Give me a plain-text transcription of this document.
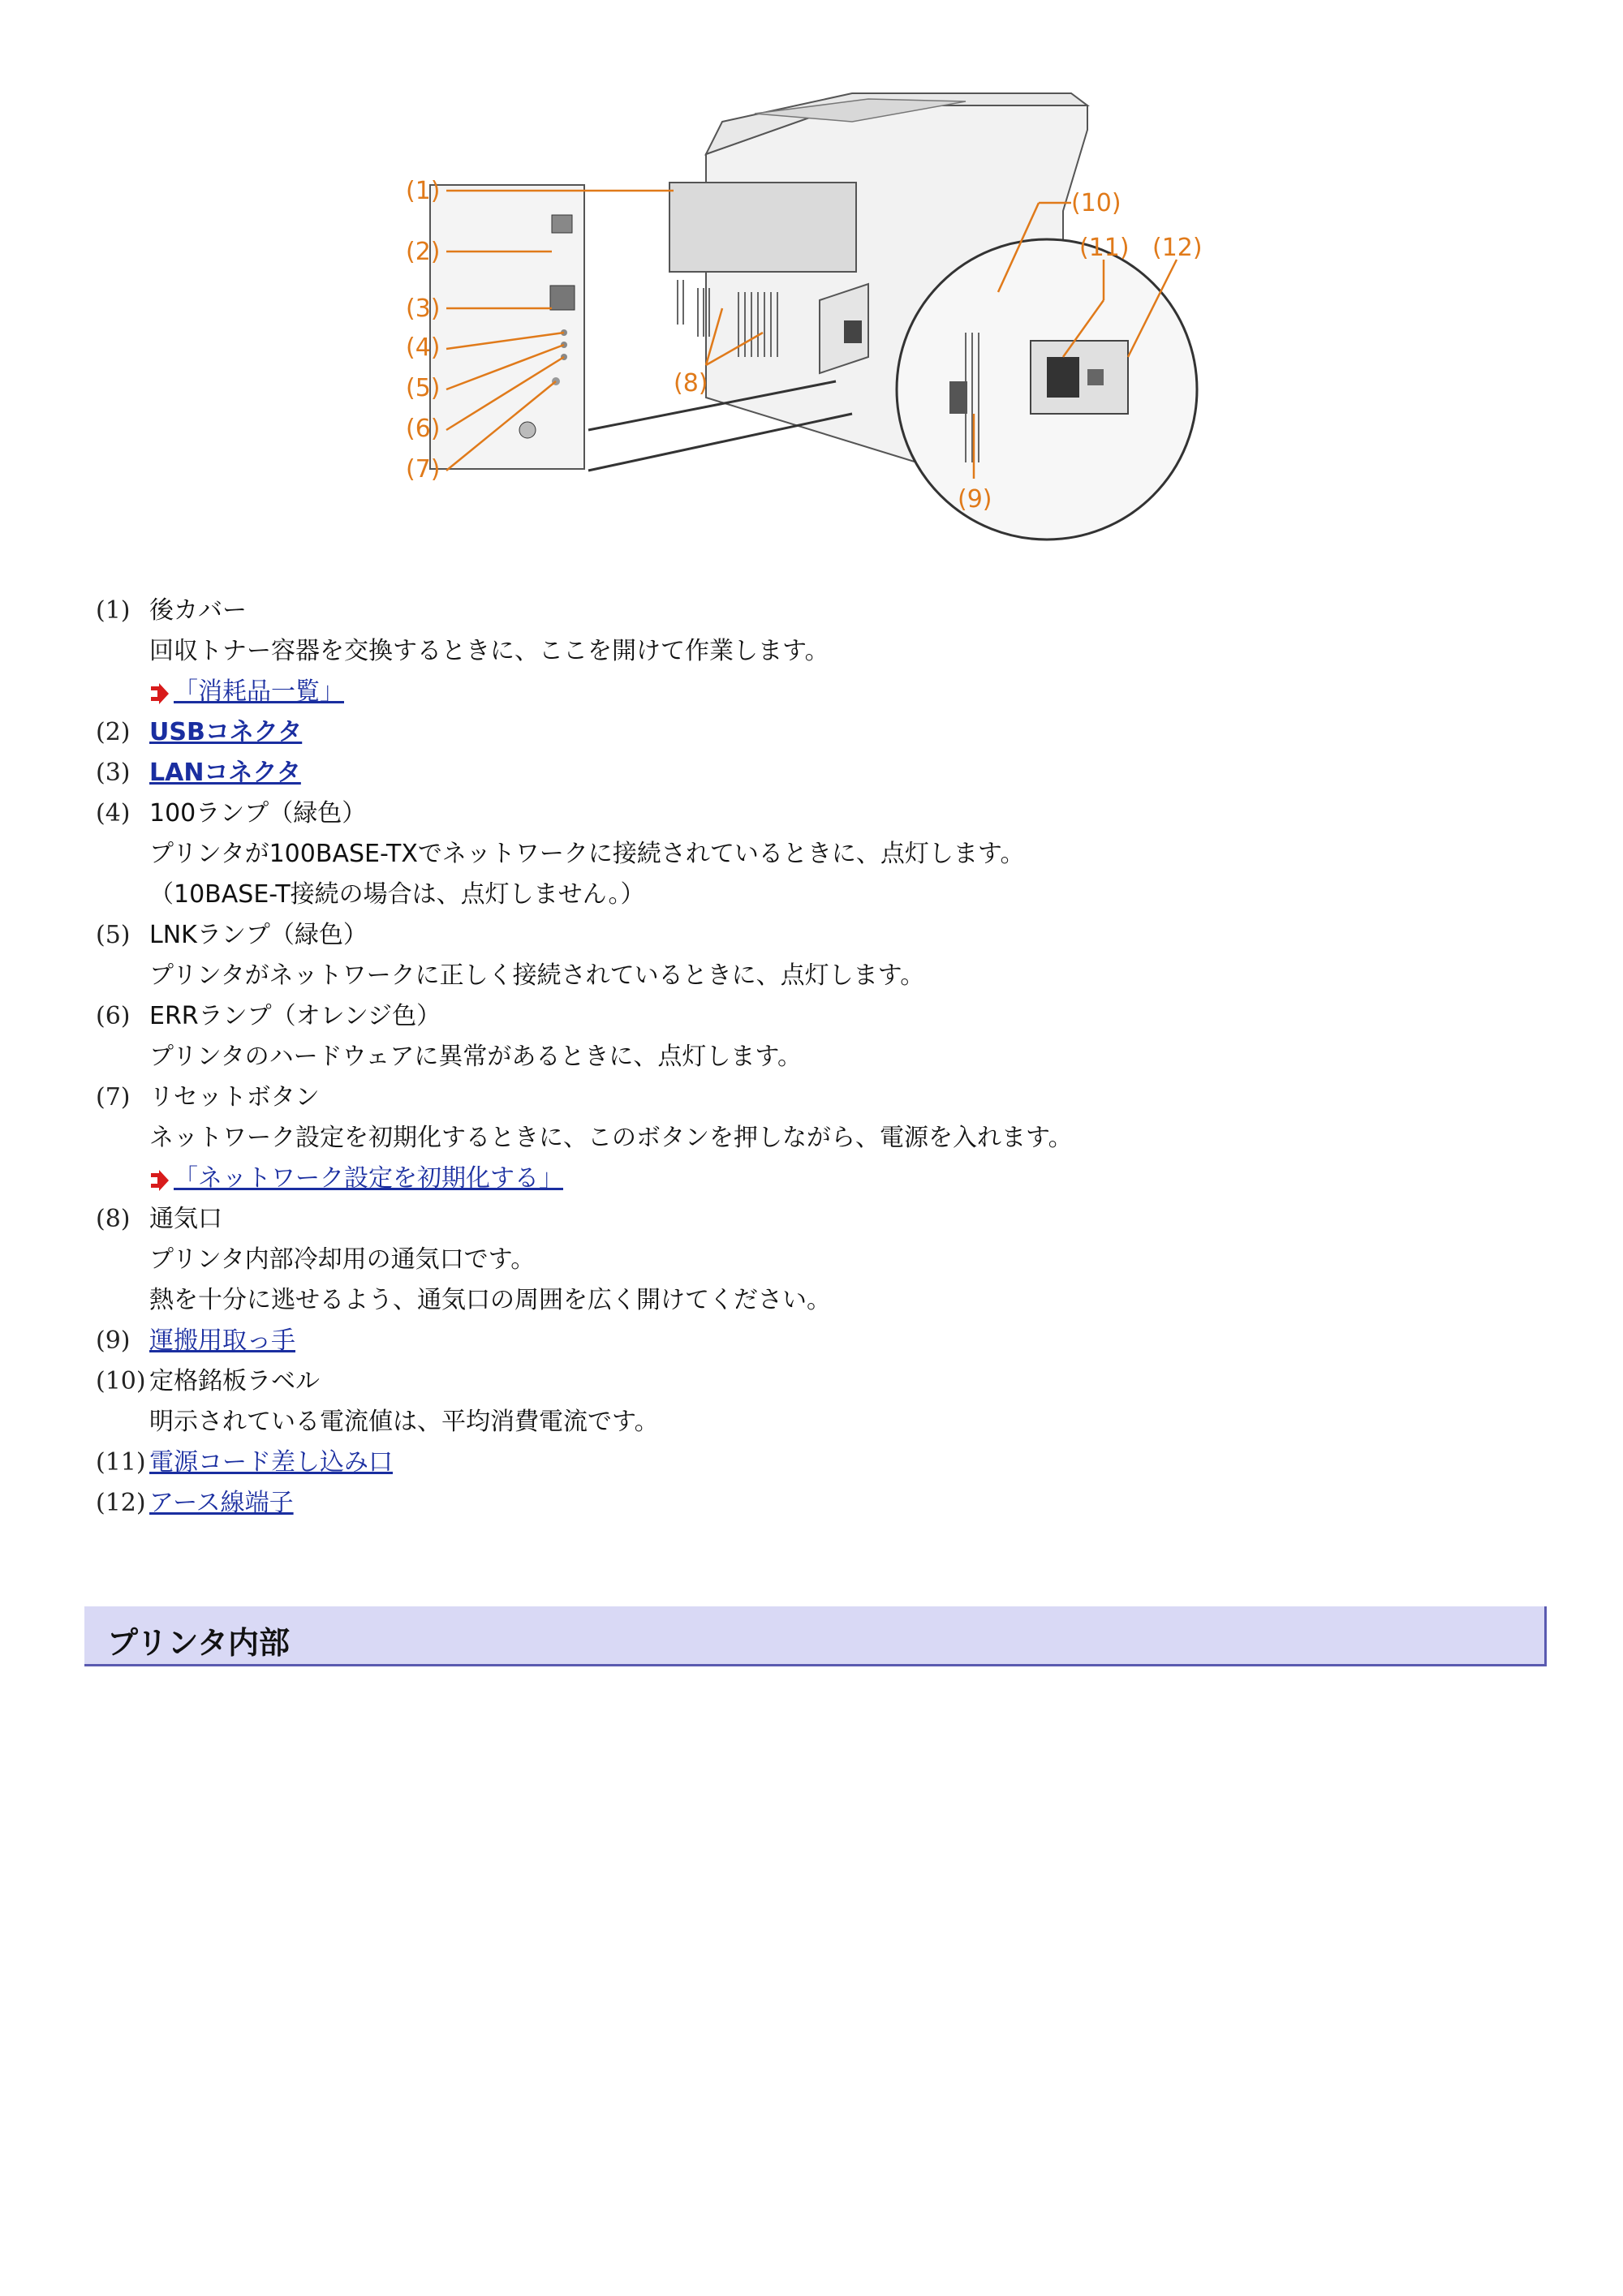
(1)
(2)
(3)
(4)
(5)
(6)
(7)
(8)
(9)
(10)
(11) (12)
(1) 後カバー
回収トナー容器を交換するときに、ここを開けて作業します。
「消耗品一覧」
(2) USBコネクタ
(3) LANコネクタ
(4) 100ランプ（緑色）
プリンタが100BASE-TXでネットワークに接続されているときに、点灯します。
（10BASE-T接続の場合は、点灯しません。）
(5) LNKランプ（緑色）
プリンタがネットワークに正しく接続されているときに、点灯します。
(6) ERRランプ（オレンジ色）
プリンタのハードウェアに異常があるときに、点灯します。
(7) リセットボタン
ネットワーク設定を初期化するときに、このボタンを押しながら、電源を入れます。
「ネットワーク設定を初期化する」
(8) 通気口
プリンタ内部冷却用の通気口です。
熱を十分に逃せるよう、通気口の周囲を広く開けてください。
(9) 運搬用取っ手
(10) 定格銘板ラベル
明示されている電流値は、平均消費電流です。
(11) 電源コード差し込み口
(12) アース線端子
プリンタ内部
